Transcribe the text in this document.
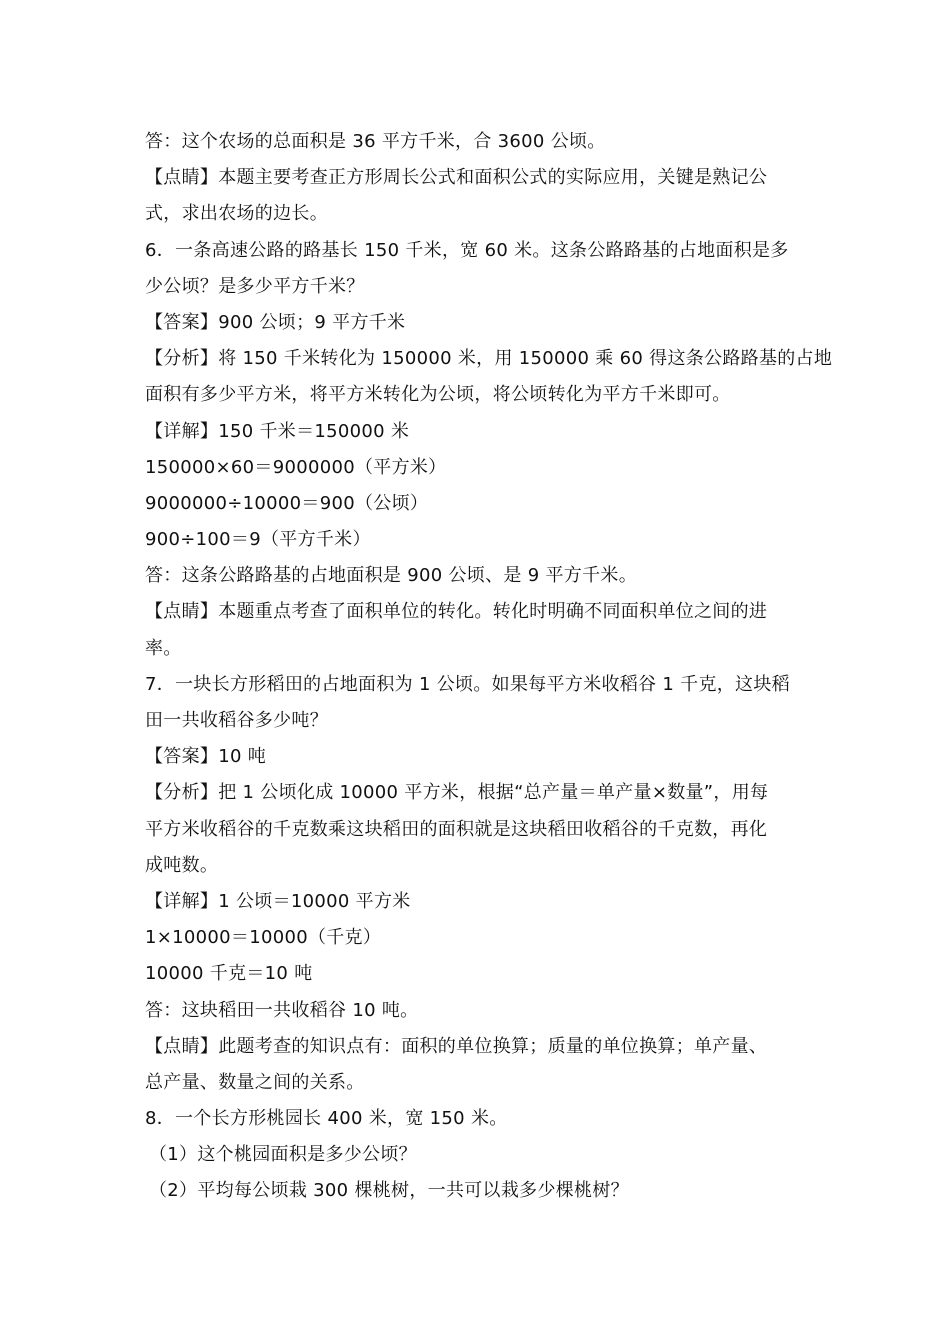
答：这个农场的总面积是 36 平方千米，合 3600 公顷。
【点睛】本题主要考查正方形周长公式和面积公式的实际应用，关键是熟记公
式，求出农场的边长。
6．一条高速公路的路基长 150 千米，宽 60 米。这条公路路基的占地面积是多
少公顷？是多少平方千米？
【答案】900 公顷；9 平方千米
【分析】将 150 千米转化为 150000 米，用 150000 乘 60 得这条公路路基的占地
面积有多少平方米，将平方米转化为公顷，将公顷转化为平方千米即可。
【详解】150 千米＝150000 米
150000×60＝9000000（平方米）
9000000÷10000＝900（公顷）
900÷100＝9（平方千米）
答：这条公路路基的占地面积是 900 公顷、是 9 平方千米。
【点睛】本题重点考查了面积单位的转化。转化时明确不同面积单位之间的进
率。
7．一块长方形稻田的占地面积为 1 公顷。如果每平方米收稻谷 1 千克，这块稻
田一共收稻谷多少吨？
【答案】10 吨
【分析】把 1 公顷化成 10000 平方米，根据“总产量＝单产量×数量”，用每
平方米收稻谷的千克数乘这块稻田的面积就是这块稻田收稻谷的千克数，再化
成吨数。
【详解】1 公顷＝10000 平方米
1×10000＝10000（千克）
10000 千克＝10 吨
答：这块稻田一共收稻谷 10 吨。
【点睛】此题考查的知识点有：面积的单位换算；质量的单位换算；单产量、
总产量、数量之间的关系。
8．一个长方形桃园长 400 米，宽 150 米。
（1）这个桃园面积是多少公顷？
（2）平均每公顷栽 300 棵桃树，一共可以栽多少棵桃树？
